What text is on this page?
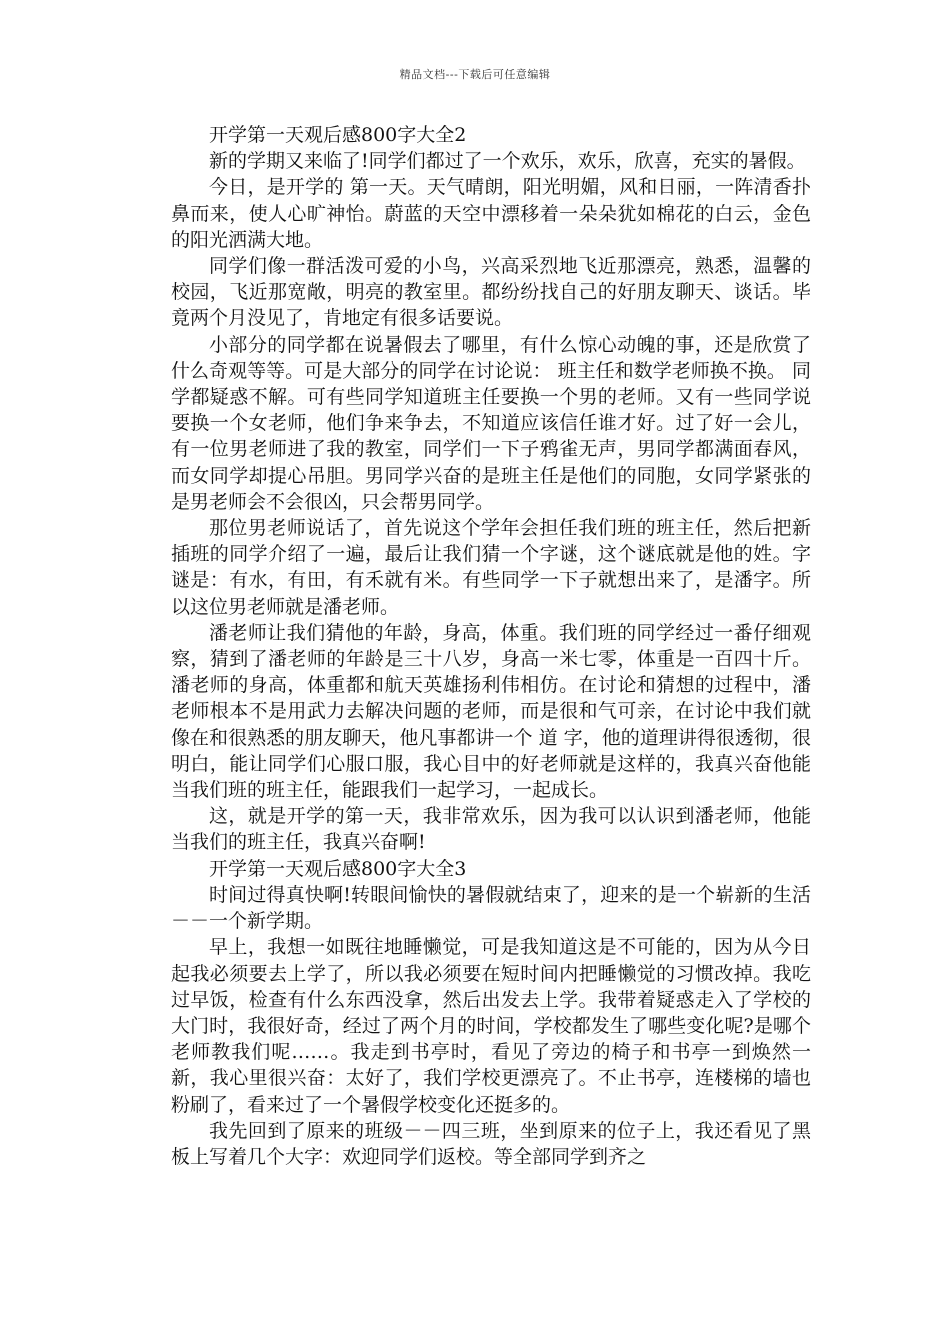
精品文档---下载后可任意编辑

开学第一天观后感800字大全2

新的学期又来临了!同学们都过了一个欢乐，欢乐，欣喜，充实的暑假。

今日，是开学的 第一天。天气晴朗，阳光明媚，风和日丽，一阵清香扑鼻而来，使人心旷神怡。蔚蓝的天空中漂移着一朵朵犹如棉花的白云，金色的阳光洒满大地。

同学们像一群活泼可爱的小鸟，兴高采烈地飞近那漂亮，熟悉，温馨的校园，飞近那宽敞，明亮的教室里。都纷纷找自己的好朋友聊天、谈话。毕竟两个月没见了，肯地定有很多话要说。

小部分的同学都在说暑假去了哪里，有什么惊心动魄的事，还是欣赏了什么奇观等等。可是大部分的同学在讨论说： 班主任和数学老师换不换。 同学都疑惑不解。可有些同学知道班主任要换一个男的老师。又有一些同学说要换一个女老师，他们争来争去，不知道应该信任谁才好。过了好一会儿，有一位男老师进了我的教室，同学们一下子鸦雀无声，男同学都满面春风，而女同学却提心吊胆。男同学兴奋的是班主任是他们的同胞，女同学紧张的是男老师会不会很凶，只会帮男同学。

那位男老师说话了，首先说这个学年会担任我们班的班主任，然后把新插班的同学介绍了一遍，最后让我们猜一个字谜，这个谜底就是他的姓。字谜是：有水，有田，有禾就有米。有些同学一下子就想出来了，是潘字。所以这位男老师就是潘老师。

潘老师让我们猜他的年龄，身高，体重。我们班的同学经过一番仔细观察，猜到了潘老师的年龄是三十八岁，身高一米七零，体重是一百四十斤。潘老师的身高，体重都和航天英雄扬利伟相仿。在讨论和猜想的过程中，潘老师根本不是用武力去解决问题的老师，而是很和气可亲，在讨论中我们就像在和很熟悉的朋友聊天，他凡事都讲一个 道 字，他的道理讲得很透彻，很明白，能让同学们心服口服，我心目中的好老师就是这样的，我真兴奋他能当我们班的班主任，能跟我们一起学习，一起成长。

这，就是开学的第一天，我非常欢乐，因为我可以认识到潘老师，他能当我们的班主任，我真兴奋啊!

开学第一天观后感800字大全3

时间过得真快啊!转眼间愉快的暑假就结束了，迎来的是一个崭新的生活－－一个新学期。

早上，我想一如既往地睡懒觉，可是我知道这是不可能的，因为从今日起我必须要去上学了，所以我必须要在短时间内把睡懒觉的习惯改掉。我吃过早饭，检查有什么东西没拿，然后出发去上学。我带着疑惑走入了学校的大门时，我很好奇，经过了两个月的时间，学校都发生了哪些变化呢?是哪个老师教我们呢……。我走到书亭时，看见了旁边的椅子和书亭一到焕然一新，我心里很兴奋：太好了，我们学校更漂亮了。不止书亭，连楼梯的墙也粉刷了，看来过了一个暑假学校变化还挺多的。

我先回到了原来的班级－－四三班，坐到原来的位子上，我还看见了黑板上写着几个大字：欢迎同学们返校。等全部同学到齐之
